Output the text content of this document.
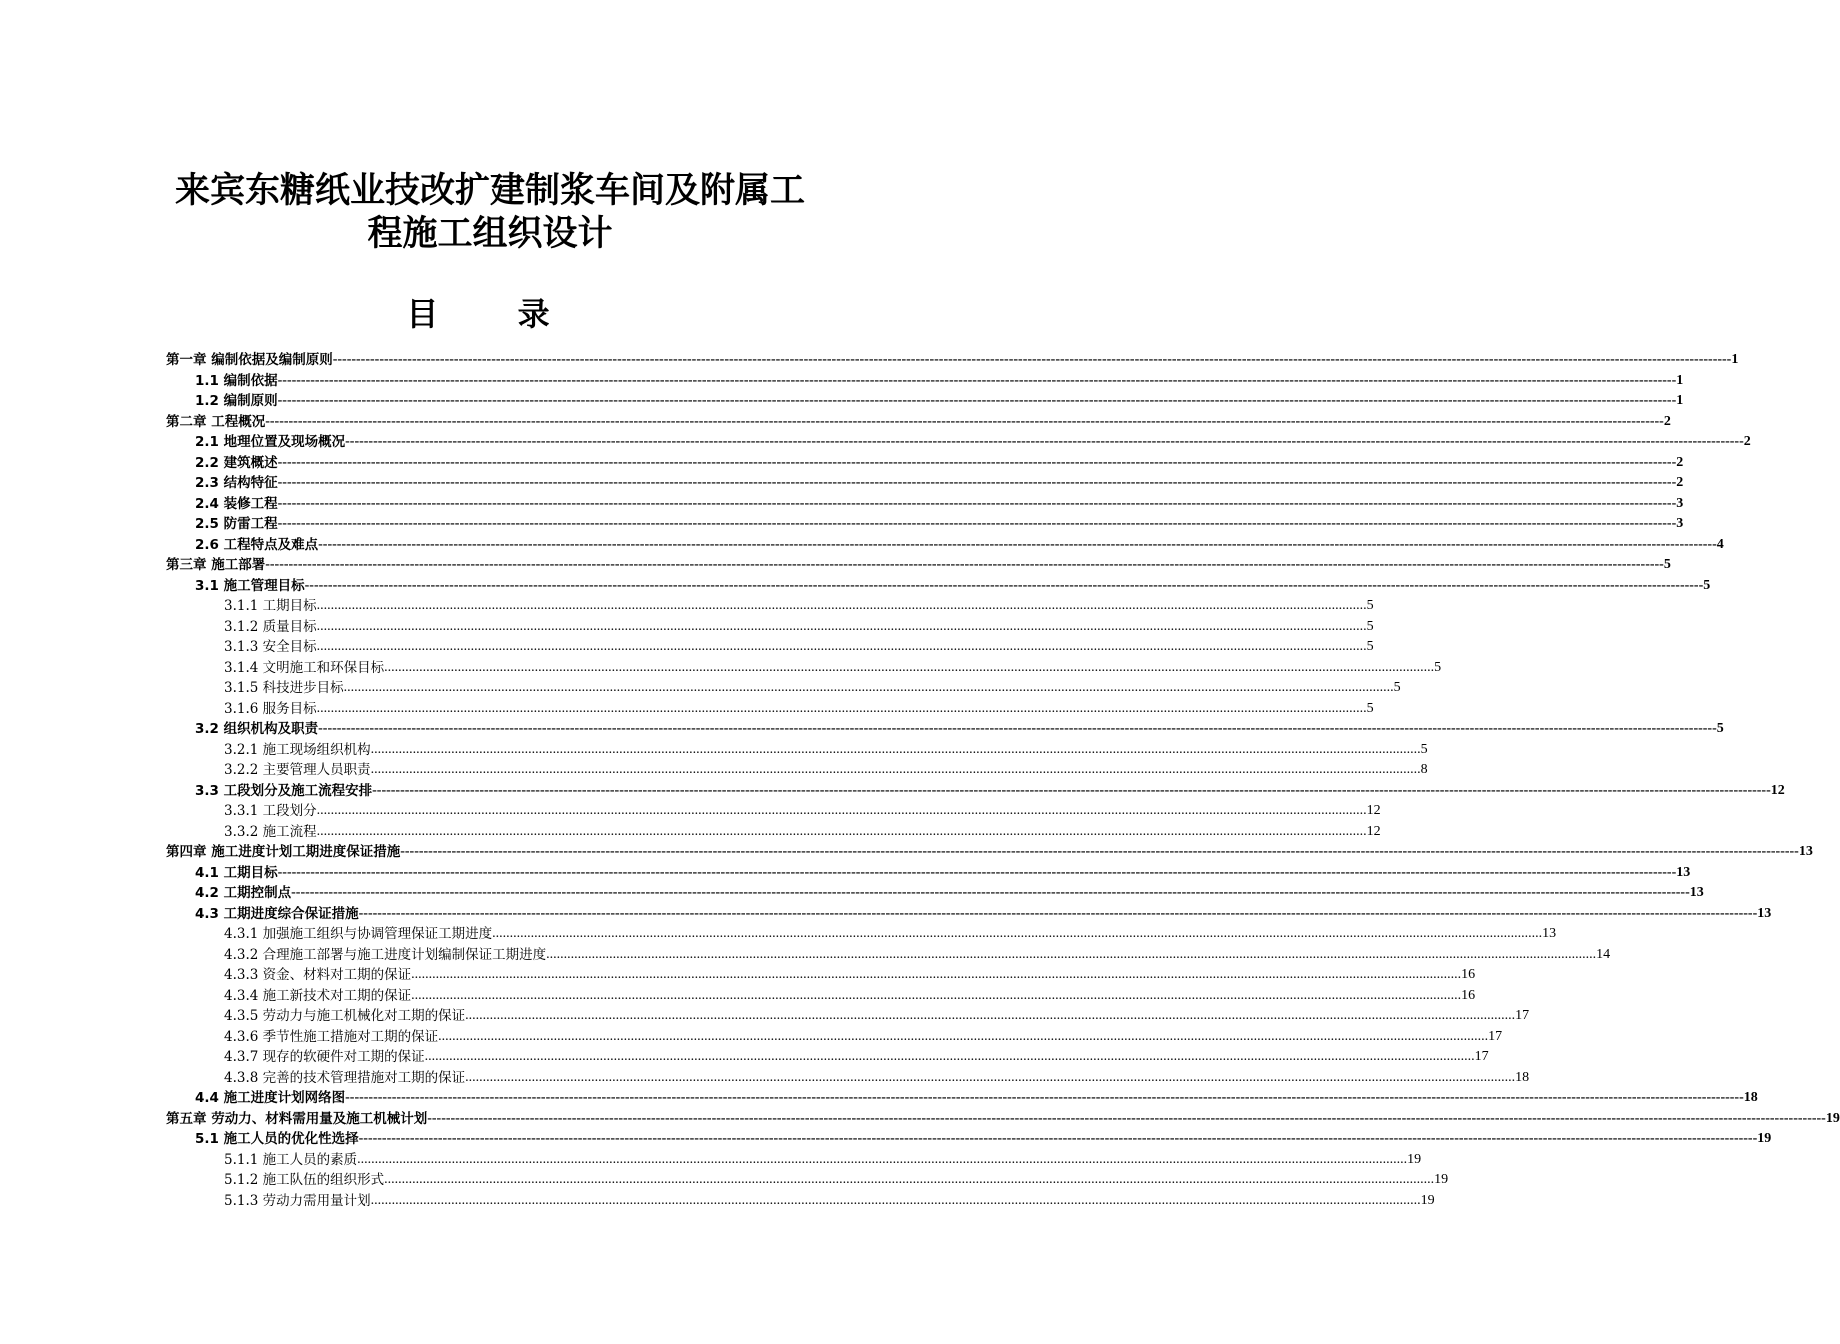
来宾东糖纸业技改扩建制浆车间及附属工
程施工组织设计
目 录
第一章 编制依据及编制原则 ------------------------------------------------------------------------------------------------------------------------------------------------------------------------------------------------------------------------------------------------------------------------------------------------------------ 1
1.1 编制依据 ------------------------------------------------------------------------------------------------------------------------------------------------------------------------------------------------------------------------------------------------------------------------------------------------------------ 1
1.2 编制原则 ------------------------------------------------------------------------------------------------------------------------------------------------------------------------------------------------------------------------------------------------------------------------------------------------------------ 1
第二章 工程概况 ------------------------------------------------------------------------------------------------------------------------------------------------------------------------------------------------------------------------------------------------------------------------------------------------------------ 2
2.1 地理位置及现场概况 ------------------------------------------------------------------------------------------------------------------------------------------------------------------------------------------------------------------------------------------------------------------------------------------------------------ 2
2.2 建筑概述 ------------------------------------------------------------------------------------------------------------------------------------------------------------------------------------------------------------------------------------------------------------------------------------------------------------ 2
2.3 结构特征 ------------------------------------------------------------------------------------------------------------------------------------------------------------------------------------------------------------------------------------------------------------------------------------------------------------ 2
2.4 装修工程 ------------------------------------------------------------------------------------------------------------------------------------------------------------------------------------------------------------------------------------------------------------------------------------------------------------ 3
2.5 防雷工程 ------------------------------------------------------------------------------------------------------------------------------------------------------------------------------------------------------------------------------------------------------------------------------------------------------------ 3
2.6 工程特点及难点 ------------------------------------------------------------------------------------------------------------------------------------------------------------------------------------------------------------------------------------------------------------------------------------------------------------ 4
第三章 施工部署 ------------------------------------------------------------------------------------------------------------------------------------------------------------------------------------------------------------------------------------------------------------------------------------------------------------ 5
3.1 施工管理目标 ------------------------------------------------------------------------------------------------------------------------------------------------------------------------------------------------------------------------------------------------------------------------------------------------------------ 5
3.1.1 工期目标 ............................................................................................................................................................................................................................................................................................................ 5
3.1.2 质量目标 ............................................................................................................................................................................................................................................................................................................ 5
3.1.3 安全目标 ............................................................................................................................................................................................................................................................................................................ 5
3.1.4 文明施工和环保目标 ............................................................................................................................................................................................................................................................................................................ 5
3.1.5 科技进步目标 ............................................................................................................................................................................................................................................................................................................ 5
3.1.6 服务目标 ............................................................................................................................................................................................................................................................................................................ 5
3.2 组织机构及职责 ------------------------------------------------------------------------------------------------------------------------------------------------------------------------------------------------------------------------------------------------------------------------------------------------------------ 5
3.2.1 施工现场组织机构 ............................................................................................................................................................................................................................................................................................................ 5
3.2.2 主要管理人员职责 ............................................................................................................................................................................................................................................................................................................ 8
3.3 工段划分及施工流程安排 ------------------------------------------------------------------------------------------------------------------------------------------------------------------------------------------------------------------------------------------------------------------------------------------------------------ 12
3.3.1 工段划分 ............................................................................................................................................................................................................................................................................................................ 12
3.3.2 施工流程 ............................................................................................................................................................................................................................................................................................................ 12
第四章 施工进度计划工期进度保证措施 ------------------------------------------------------------------------------------------------------------------------------------------------------------------------------------------------------------------------------------------------------------------------------------------------------------ 13
4.1 工期目标 ------------------------------------------------------------------------------------------------------------------------------------------------------------------------------------------------------------------------------------------------------------------------------------------------------------ 13
4.2 工期控制点 ------------------------------------------------------------------------------------------------------------------------------------------------------------------------------------------------------------------------------------------------------------------------------------------------------------ 13
4.3 工期进度综合保证措施 ------------------------------------------------------------------------------------------------------------------------------------------------------------------------------------------------------------------------------------------------------------------------------------------------------------ 13
4.3.1 加强施工组织与协调管理保证工期进度 ............................................................................................................................................................................................................................................................................................................ 13
4.3.2 合理施工部署与施工进度计划编制保证工期进度 ............................................................................................................................................................................................................................................................................................................ 14
4.3.3 资金、材料对工期的保证 ............................................................................................................................................................................................................................................................................................................ 16
4.3.4 施工新技术对工期的保证 ............................................................................................................................................................................................................................................................................................................ 16
4.3.5 劳动力与施工机械化对工期的保证 ............................................................................................................................................................................................................................................................................................................ 17
4.3.6 季节性施工措施对工期的保证 ............................................................................................................................................................................................................................................................................................................ 17
4.3.7 现存的软硬件对工期的保证 ............................................................................................................................................................................................................................................................................................................ 17
4.3.8 完善的技术管理措施对工期的保证 ............................................................................................................................................................................................................................................................................................................ 18
4.4 施工进度计划网络图 ------------------------------------------------------------------------------------------------------------------------------------------------------------------------------------------------------------------------------------------------------------------------------------------------------------ 18
第五章 劳动力、材料需用量及施工机械计划 ------------------------------------------------------------------------------------------------------------------------------------------------------------------------------------------------------------------------------------------------------------------------------------------------------------ 19
5.1 施工人员的优化性选择 ------------------------------------------------------------------------------------------------------------------------------------------------------------------------------------------------------------------------------------------------------------------------------------------------------------ 19
5.1.1 施工人员的素质 ............................................................................................................................................................................................................................................................................................................ 19
5.1.2 施工队伍的组织形式 ............................................................................................................................................................................................................................................................................................................ 19
5.1.3 劳动力需用量计划 ............................................................................................................................................................................................................................................................................................................ 19
